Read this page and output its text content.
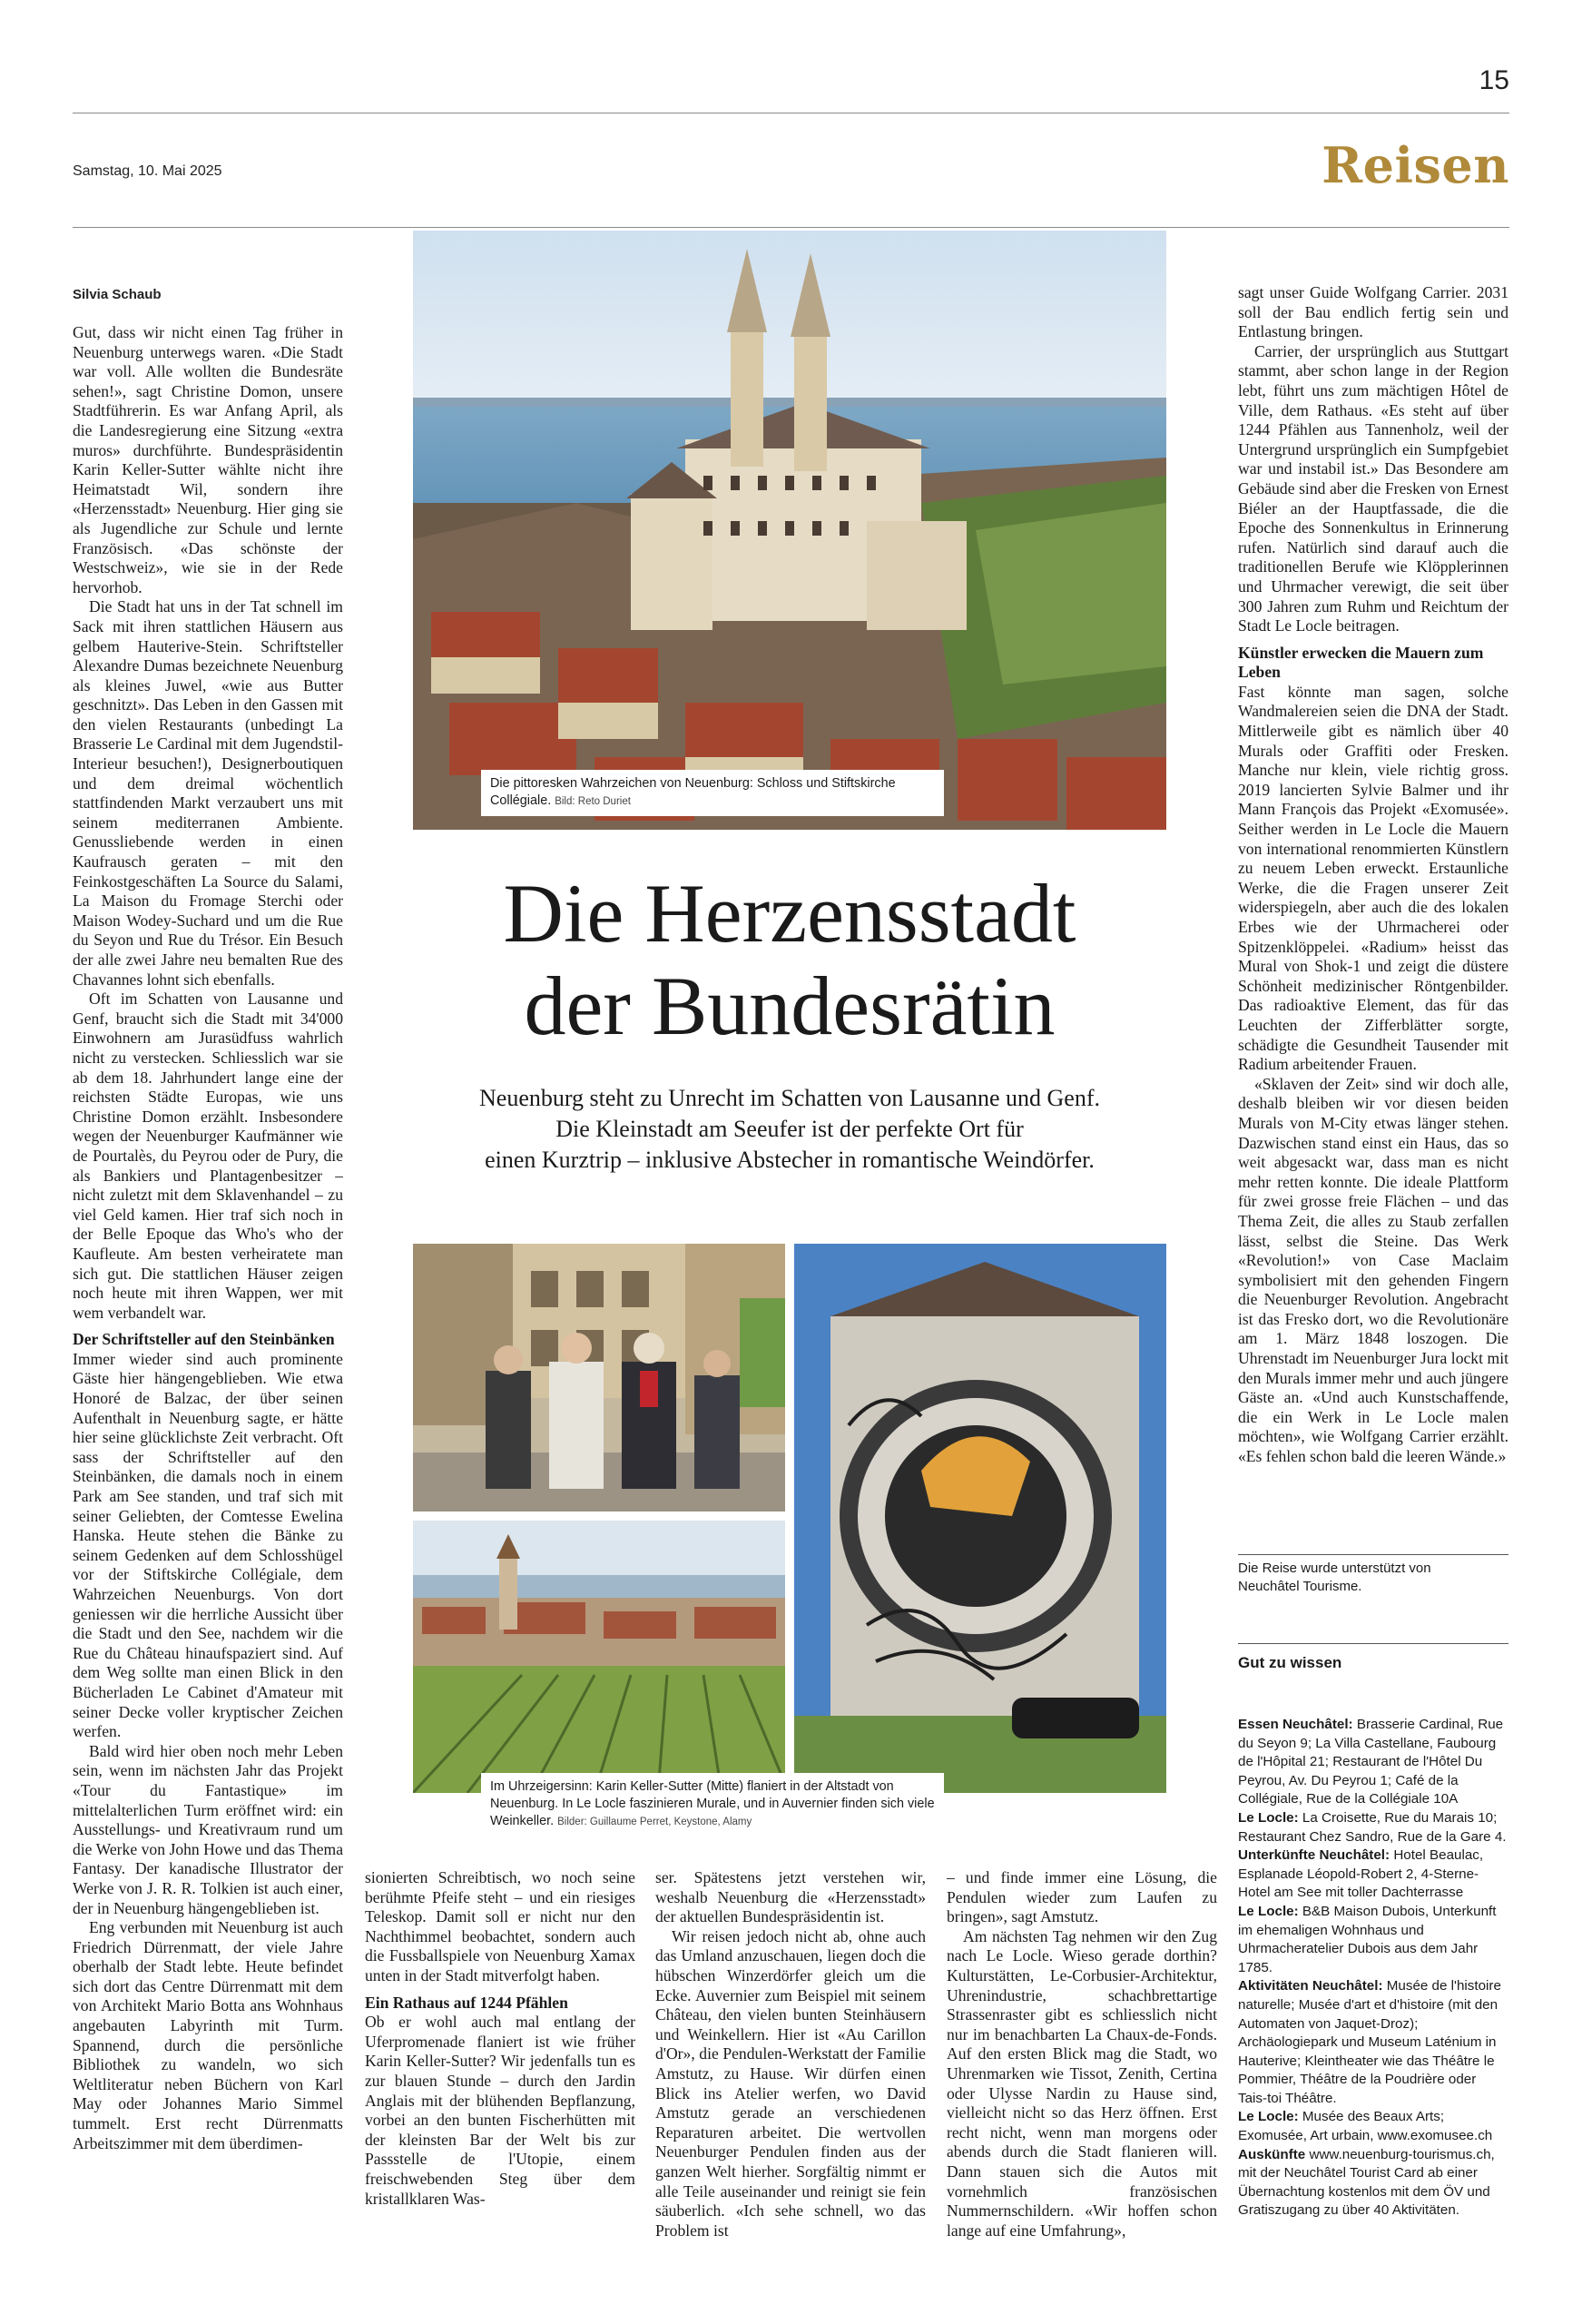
15
Samstag, 10. Mai 2025	Reisen
Silvia Schaub

Gut, dass wir nicht einen Tag früher in Neuenburg unterwegs waren. «Die Stadt war voll. Alle wollten die Bundesräte sehen!», sagt Christine Domon, unsere Stadtführerin. Es war Anfang April, als die Landesregierung eine Sitzung «extra muros» durchführte. Bundespräsidentin Karin Keller-Sutter wählte nicht ihre Heimatstadt Wil, sondern ihre «Herzensstadt» Neuenburg. Hier ging sie als Jugendliche zur Schule und lernte Französisch. «Das schönste der Westschweiz», wie sie in der Rede hervorhob.

Die Stadt hat uns in der Tat schnell im Sack mit ihren stattlichen Häusern aus gelbem Hauterive-Stein. Schriftsteller Alexandre Dumas bezeichnete Neuenburg als kleines Juwel, «wie aus Butter geschnitzt». Das Leben in den Gassen mit den vielen Restaurants (unbedingt La Brasserie Le Cardinal mit dem Jugendstil-Interieur besuchen!), Designerboutiquen und dem dreimal wöchentlich stattfindenden Markt verzaubert uns mit seinem mediterranen Ambiente. Genussliebende werden in einen Kaufrausch geraten – mit den Feinkostgeschäften La Source du Salami, La Maison du Fromage Sterchi oder Maison Wodey-Suchard und um die Rue du Seyon und Rue du Trésor. Ein Besuch der alle zwei Jahre neu bemalten Rue des Chavannes lohnt sich ebenfalls.

Oft im Schatten von Lausanne und Genf, braucht sich die Stadt mit 34'000 Einwohnern am Jurasüdfuss wahrlich nicht zu verstecken. Schliesslich war sie ab dem 18. Jahrhundert lange eine der reichsten Städte Europas, wie uns Christine Domon erzählt. Insbesondere wegen der Neuenburger Kaufmänner wie de Pourtalès, du Peyrou oder de Pury, die als Bankiers und Plantagenbesitzer – nicht zuletzt mit dem Sklavenhandel – zu viel Geld kamen. Hier traf sich noch in der Belle Epoque das Who's who der Kaufleute. Am besten verheiratete man sich gut. Die stattlichen Häuser zeigen noch heute mit ihren Wappen, wer mit wem verbandelt war.

Der Schriftsteller auf den Steinbänken

Immer wieder sind auch prominente Gäste hier hängengeblieben. Wie etwa Honoré de Balzac, der über seinen Aufenthalt in Neuenburg sagte, er hätte hier seine glücklichste Zeit verbracht. Oft sass der Schriftsteller auf den Steinbänken, die damals noch in einem Park am See standen, und traf sich mit seiner Geliebten, der Comtesse Ewelina Hanska. Heute stehen die Bänke zu seinem Gedenken auf dem Schlosshügel vor der Stiftskirche Collégiale, dem Wahrzeichen Neuenburgs. Von dort geniessen wir die herrliche Aussicht über die Stadt und den See, nachdem wir die Rue du Château hinaufspaziert sind. Auf dem Weg sollte man einen Blick in den Bücherladen Le Cabinet d'Amateur mit seiner Decke voller kryptischer Zeichen werfen.

Bald wird hier oben noch mehr Leben sein, wenn im nächsten Jahr das Projekt «Tour du Fantastique» im mittelalterlichen Turm eröffnet wird: ein Ausstellungs- und Kreativraum rund um die Werke von John Howe und das Thema Fantasy. Der kanadische Illustrator der Werke von J. R. R. Tolkien ist auch einer, der in Neuenburg hängengeblieben ist.

Eng verbunden mit Neuenburg ist auch Friedrich Dürrenmatt, der viele Jahre oberhalb der Stadt lebte. Heute befindet sich dort das Centre Dürrenmatt mit dem von Architekt Mario Botta ans Wohnhaus angebauten Labyrinth mit Turm. Spannend, durch die persönliche Bibliothek zu wandeln, wo sich Weltliteratur neben Büchern von Karl May oder Johannes Mario Simmel tummelt. Erst recht Dürrenmatts Arbeitszimmer mit dem überdimen-

Die pittoresken Wahrzeichen von Neuenburg: Schloss und Stiftskirche Collégiale. Bild: Reto Duriet
Die Herzensstadt
der Bundesrätin
Neuenburg steht zu Unrecht im Schatten von Lausanne und Genf.
Die Kleinstadt am Seeufer ist der perfekte Ort für
einen Kurztrip – inklusive Abstecher in romantische Weindörfer.
Im Uhrzeigersinn: Karin Keller-Sutter (Mitte) flaniert in der Altstadt von Neuenburg. In Le Locle faszinieren Murale, und in Auvernier finden sich viele Weinkeller. Bilder: Guillaume Perret, Keystone, Alamy

sionierten Schreibtisch, wo noch seine berühmte Pfeife steht – und ein riesiges Teleskop. Damit soll er nicht nur den Nachthimmel beobachtet, sondern auch die Fussballspiele von Neuenburg Xamax unten in der Stadt mitverfolgt haben.

Ein Rathaus auf 1244 Pfählen

Ob er wohl auch mal entlang der Uferpromenade flaniert ist wie früher Karin Keller-Sutter? Wir jedenfalls tun es zur blauen Stunde – durch den Jardin Anglais mit der blühenden Bepflanzung, vorbei an den bunten Fischerhütten mit der kleinsten Bar der Welt bis zur Passstelle de l'Utopie, einem freischwebenden Steg über dem kristallklaren Was-

ser. Spätestens jetzt verstehen wir, weshalb Neuenburg die «Herzensstadt» der aktuellen Bundespräsidentin ist.

Wir reisen jedoch nicht ab, ohne auch das Umland anzuschauen, liegen doch die hübschen Winzerdörfer gleich um die Ecke. Auvernier zum Beispiel mit seinem Château, den vielen bunten Steinhäusern und Weinkellern. Hier ist «Au Carillon d'Or», die Pendulen-Werkstatt der Familie Amstutz, zu Hause. Wir dürfen einen Blick ins Atelier werfen, wo David Amstutz gerade an verschiedenen Reparaturen arbeitet. Die wertvollen Neuenburger Pendulen finden aus der ganzen Welt hierher. Sorgfältig nimmt er alle Teile auseinander und reinigt sie fein säuberlich. «Ich sehe schnell, wo das Problem ist

– und finde immer eine Lösung, die Pendulen wieder zum Laufen zu bringen», sagt Amstutz.

Am nächsten Tag nehmen wir den Zug nach Le Locle. Wieso gerade dorthin? Kulturstätten, Le-Corbusier-Architektur, Uhrenindustrie, schachbrettartige Strassenraster gibt es schliesslich nicht nur im benachbarten La Chaux-de-Fonds. Auf den ersten Blick mag die Stadt, wo Uhrenmarken wie Tissot, Zenith, Certina oder Ulysse Nardin zu Hause sind, vielleicht nicht so das Herz öffnen. Erst recht nicht, wenn man morgens oder abends durch die Stadt flanieren will. Dann stauen sich die Autos mit vornehmlich französischen Nummernschildern. «Wir hoffen schon lange auf eine Umfahrung»,

sagt unser Guide Wolfgang Carrier. 2031 soll der Bau endlich fertig sein und Entlastung bringen.

Carrier, der ursprünglich aus Stuttgart stammt, aber schon lange in der Region lebt, führt uns zum mächtigen Hôtel de Ville, dem Rathaus. «Es steht auf über 1244 Pfählen aus Tannenholz, weil der Untergrund ursprünglich ein Sumpfgebiet war und instabil ist.» Das Besondere am Gebäude sind aber die Fresken von Ernest Biéler an der Hauptfassade, die die Epoche des Sonnenkultus in Erinnerung rufen. Natürlich sind darauf auch die traditionellen Berufe wie Klöpplerinnen und Uhrmacher verewigt, die seit über 300 Jahren zum Ruhm und Reichtum der Stadt Le Locle beitragen.

Künstler erwecken die Mauern zum Leben

Fast könnte man sagen, solche Wandmalereien seien die DNA der Stadt. Mittlerweile gibt es nämlich über 40 Murals oder Graffiti oder Fresken. Manche nur klein, viele richtig gross. 2019 lancierten Sylvie Balmer und ihr Mann François das Projekt «Exomusée». Seither werden in Le Locle die Mauern von international renommierten Künstlern zu neuem Leben erweckt. Erstaunliche Werke, die die Fragen unserer Zeit widerspiegeln, aber auch die des lokalen Erbes wie der Uhrmacherei oder Spitzenklöppelei. «Radium» heisst das Mural von Shok-1 und zeigt die düstere Schönheit medizinischer Röntgenbilder. Das radioaktive Element, das für das Leuchten der Zifferblätter sorgte, schädigte die Gesundheit Tausender mit Radium arbeitender Frauen.

«Sklaven der Zeit» sind wir doch alle, deshalb bleiben wir vor diesen beiden Murals von M-City etwas länger stehen. Dazwischen stand einst ein Haus, das so weit abgesackt war, dass man es nicht mehr retten konnte. Die ideale Plattform für zwei grosse freie Flächen – und das Thema Zeit, die alles zu Staub zerfallen lässt, selbst die Steine. Das Werk «Revolution!» von Case Maclaim symbolisiert mit den gehenden Fingern die Neuenburger Revolution. Angebracht ist das Fresko dort, wo die Revolutionäre am 1. März 1848 loszogen. Die Uhrenstadt im Neuenburger Jura lockt mit den Murals immer mehr und auch jüngere Gäste an. «Und auch Kunstschaffende, die ein Werk in Le Locle malen möchten», wie Wolfgang Carrier erzählt. «Es fehlen schon bald die leeren Wände.»

Die Reise wurde unterstützt von Neuchâtel Tourisme.
Gut zu wissen
Essen Neuchâtel: Brasserie Cardinal, Rue du Seyon 9; La Villa Castellane, Faubourg de l'Hôpital 21; Restaurant de l'Hôtel Du Peyrou, Av. Du Peyrou 1; Café de la Collégiale, Rue de la Collégiale 10A
Le Locle: La Croisette, Rue du Marais 10; Restaurant Chez Sandro, Rue de la Gare 4.
Unterkünfte Neuchâtel: Hotel Beaulac, Esplanade Léopold-Robert 2, 4-Sterne-Hotel am See mit toller Dachterrasse
Le Locle: B&B Maison Dubois, Unterkunft im ehemaligen Wohnhaus und Uhrmacheratelier Dubois aus dem Jahr 1785.
Aktivitäten Neuchâtel: Musée de l'histoire naturelle; Musée d'art et d'histoire (mit den Automaten von Jaquet-Droz); Archäologiepark und Museum Laténium in Hauterive; Kleintheater wie das Théâtre le Pommier, Théâtre de la Poudrière oder Tais-toi Théâtre.
Le Locle: Musée des Beaux Arts; Exomusée, Art urbain, www.exomusee.ch
Auskünfte www.neuenburg-tourismus.ch, mit der Neuchâtel Tourist Card ab einer Übernachtung kostenlos mit dem ÖV und Gratiszugang zu über 40 Aktivitäten.
